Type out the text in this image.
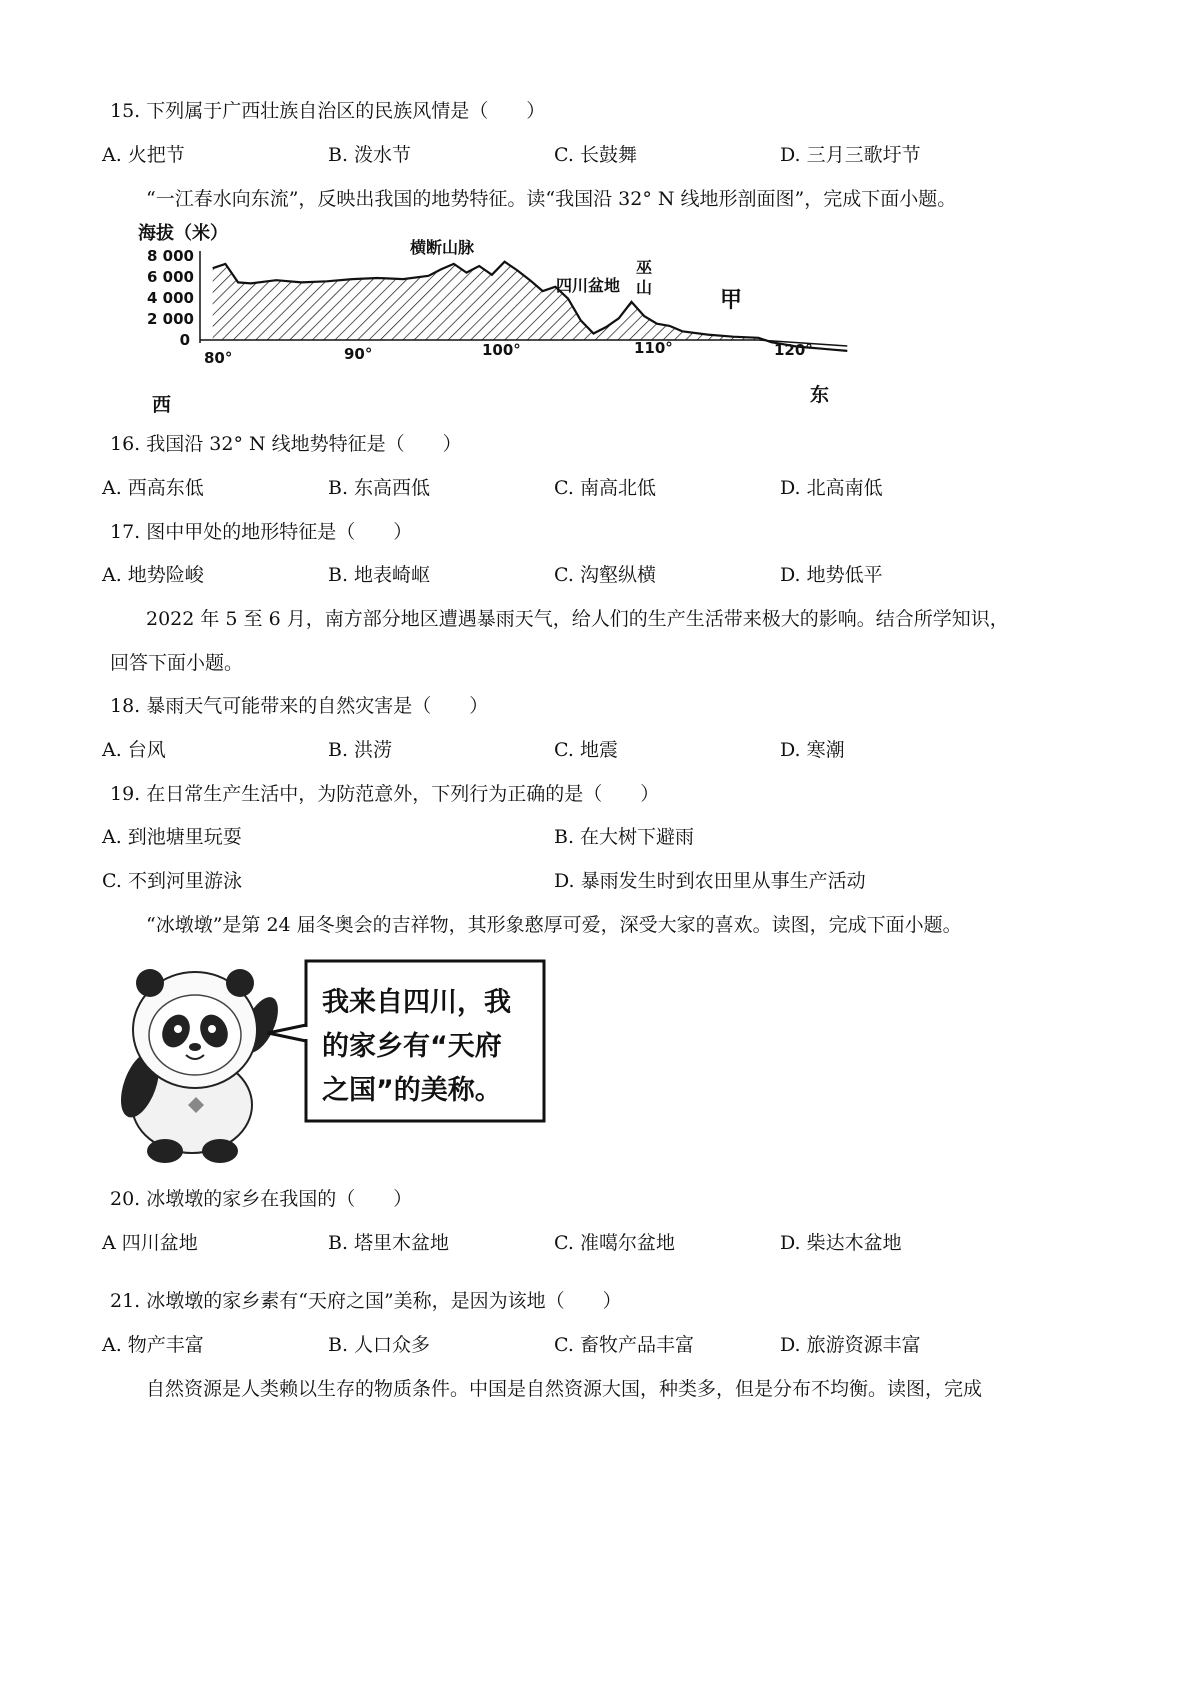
15. 下列属于广西壮族自治区的民族风情是（　　）
A. 火把节	B. 泼水节	C. 长鼓舞	D. 三月三歌圩节
“一江春水向东流”，反映出我国的地势特征。读“我国沿 32° N 线地形剖面图”，完成下面小题。
海拔（米）
8 000
6 000
4 000
2 000
0
80°	90°	100°	110°	120°
横断山脉
四川盆地
巫山
甲
西	东
16. 我国沿 32° N 线地势特征是（　　）
A. 西高东低	B. 东高西低	C. 南高北低	D. 北高南低
17. 图中甲处的地形特征是（　　）
A. 地势险峻	B. 地表崎岖	C. 沟壑纵横	D. 地势低平
2022 年 5 至 6 月，南方部分地区遭遇暴雨天气，给人们的生产生活带来极大的影响。结合所学知识，
回答下面小题。
18. 暴雨天气可能带来的自然灾害是（　　）
A. 台风	B. 洪涝	C. 地震	D. 寒潮
19. 在日常生产生活中，为防范意外，下列行为正确的是（　　）
A. 到池塘里玩耍	B. 在大树下避雨
C. 不到河里游泳	D. 暴雨发生时到农田里从事生产活动
“冰墩墩”是第 24 届冬奥会的吉祥物，其形象憨厚可爱，深受大家的喜欢。读图，完成下面小题。
我来自四川，我
的家乡有“天府
之国”的美称。
20. 冰墩墩的家乡在我国的（　　）
A 四川盆地	B. 塔里木盆地	C. 准噶尔盆地	D. 柴达木盆地
21. 冰墩墩的家乡素有“天府之国”美称，是因为该地（　　）
A. 物产丰富	B. 人口众多	C. 畜牧产品丰富	D. 旅游资源丰富
自然资源是人类赖以生存的物质条件。中国是自然资源大国，种类多，但是分布不均衡。读图，完成
